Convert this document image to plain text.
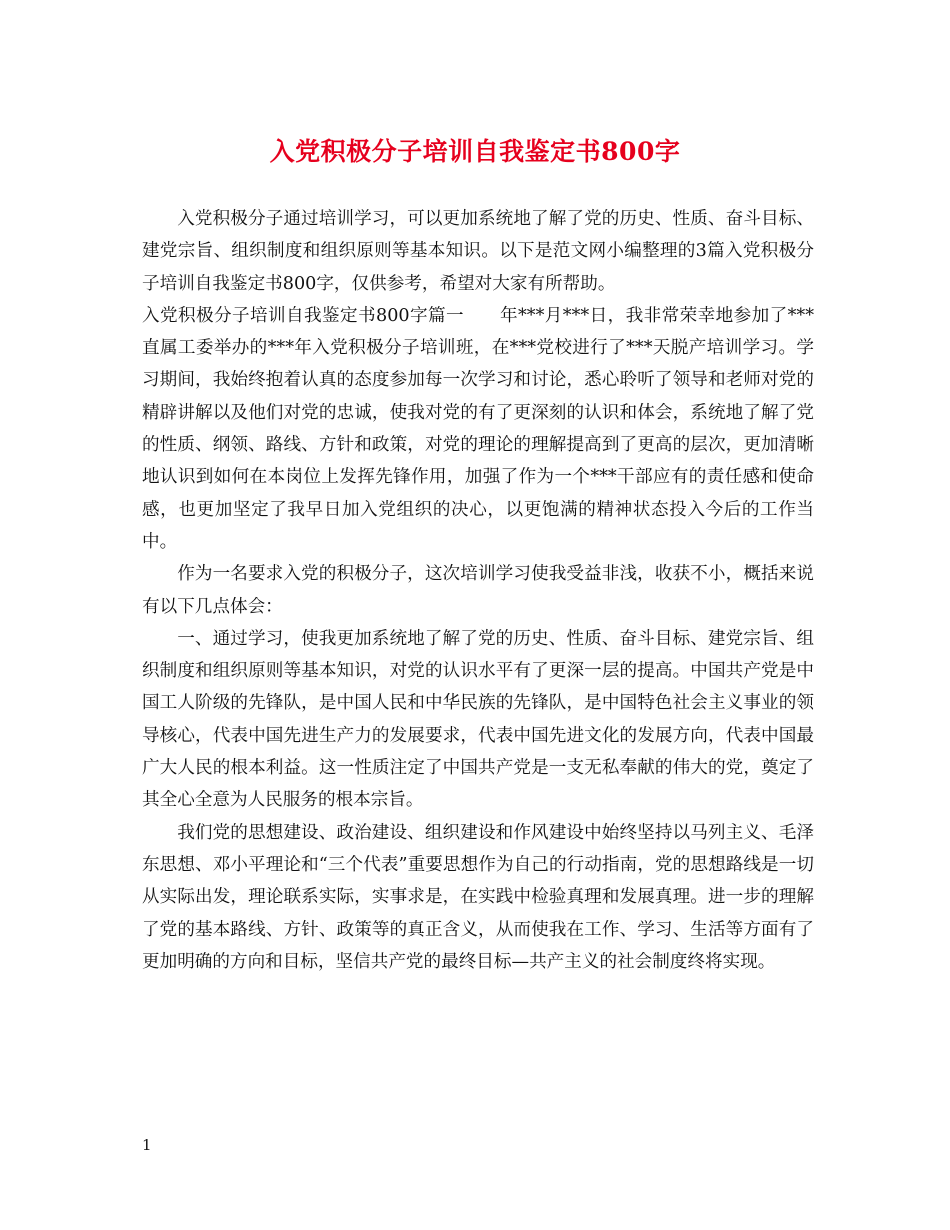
入党积极分子培训自我鉴定书800字

入党积极分子通过培训学习，可以更加系统地了解了党的历史、性质、奋斗目标、建党宗旨、组织制度和组织原则等基本知识。以下是范文网小编整理的3篇入党积极分子培训自我鉴定书800字，仅供参考，希望对大家有所帮助。

入党积极分子培训自我鉴定书800字篇一　　年***月***日，我非常荣幸地参加了***直属工委举办的***年入党积极分子培训班，在***党校进行了***天脱产培训学习。学习期间，我始终抱着认真的态度参加每一次学习和讨论，悉心聆听了领导和老师对党的精辟讲解以及他们对党的忠诚，使我对党的有了更深刻的认识和体会，系统地了解了党的性质、纲领、路线、方针和政策，对党的理论的理解提高到了更高的层次，更加清晰地认识到如何在本岗位上发挥先锋作用，加强了作为一个***干部应有的责任感和使命感，也更加坚定了我早日加入党组织的决心，以更饱满的精神状态投入今后的工作当中。

作为一名要求入党的积极分子，这次培训学习使我受益非浅，收获不小，概括来说有以下几点体会：

一、通过学习，使我更加系统地了解了党的历史、性质、奋斗目标、建党宗旨、组织制度和组织原则等基本知识，对党的认识水平有了更深一层的提高。中国共产党是中国工人阶级的先锋队，是中国人民和中华民族的先锋队，是中国特色社会主义事业的领导核心，代表中国先进生产力的发展要求，代表中国先进文化的发展方向，代表中国最广大人民的根本利益。这一性质注定了中国共产党是一支无私奉献的伟大的党，奠定了其全心全意为人民服务的根本宗旨。

我们党的思想建设、政治建设、组织建设和作风建设中始终坚持以马列主义、毛泽东思想、邓小平理论和“三个代表”重要思想作为自己的行动指南，党的思想路线是一切从实际出发，理论联系实际，实事求是，在实践中检验真理和发展真理。进一步的理解了党的基本路线、方针、政策等的真正含义，从而使我在工作、学习、生活等方面有了更加明确的方向和目标，坚信共产党的最终目标—共产主义的社会制度终将实现。

1
